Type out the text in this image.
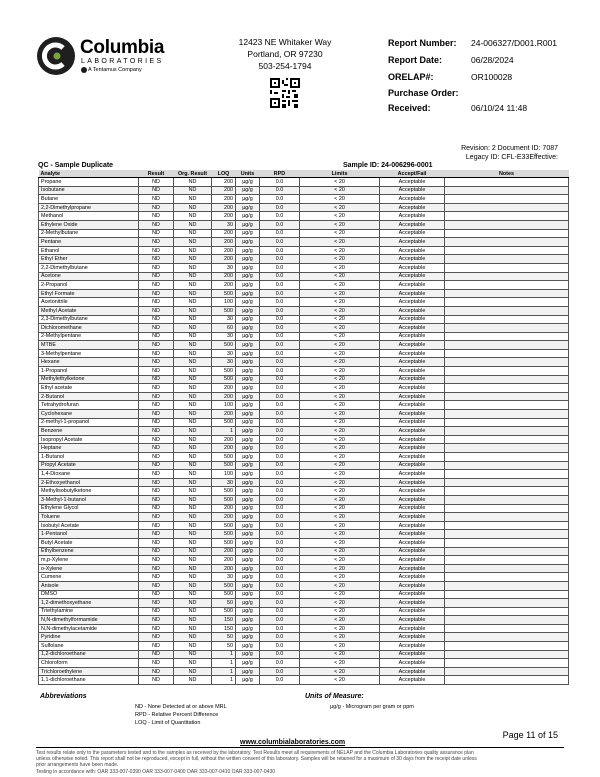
Columbia
LABORATORIES
A Tentamus Company
12423 NE Whitaker Way
Portland, OR 97230
503-254-1794
Report Number: 24-006327/D001.R001
Report Date:	06/28/2024
ORELAP#:	OR100028
Purchase Order:
Received:	06/10/24 11:48
Revision: 2 Document ID: 7087
Legacy ID: CFL-E33Effective:
QC - Sample Duplicate	Sample ID: 24-006296-0001
Analyte	Result	Org. Result	LOQ	Units	RPD	Limits	Accept/Fail	Notes
Propane	ND	ND	200	µg/g	0.0	< 20	Acceptable	
Isobutane	ND	ND	200	µg/g	0.0	< 20	Acceptable	
Butane	ND	ND	200	µg/g	0.0	< 20	Acceptable	
2,2-Dimethylpropane	ND	ND	200	µg/g	0.0	< 20	Acceptable	
Methanol	ND	ND	200	µg/g	0.0	< 20	Acceptable	
Ethylene Oxide	ND	ND	30	µg/g	0.0	< 20	Acceptable	
2-Methylbutane	ND	ND	200	µg/g	0.0	< 20	Acceptable	
Pentane	ND	ND	200	µg/g	0.0	< 20	Acceptable	
Ethanol	ND	ND	200	µg/g	0.0	< 20	Acceptable	
Ethyl Ether	ND	ND	200	µg/g	0.0	< 20	Acceptable	
2,2-Dimethylbutane	ND	ND	30	µg/g	0.0	< 20	Acceptable	
Acetone	ND	ND	200	µg/g	0.0	< 20	Acceptable	
2-Propanol	ND	ND	200	µg/g	0.0	< 20	Acceptable	
Ethyl Formate	ND	ND	500	µg/g	0.0	< 20	Acceptable	
Acetonitrile	ND	ND	100	µg/g	0.0	< 20	Acceptable	
Methyl Acetate	ND	ND	500	µg/g	0.0	< 20	Acceptable	
2,3-Dimethylbutane	ND	ND	30	µg/g	0.0	< 20	Acceptable	
Dichloromethane	ND	ND	60	µg/g	0.0	< 20	Acceptable	
2-Methylpentane	ND	ND	30	µg/g	0.0	< 20	Acceptable	
MTBE	ND	ND	500	µg/g	0.0	< 20	Acceptable	
3-Methylpentane	ND	ND	30	µg/g	0.0	< 20	Acceptable	
Hexane	ND	ND	30	µg/g	0.0	< 20	Acceptable	
1-Propanol	ND	ND	500	µg/g	0.0	< 20	Acceptable	
Methylethylketone	ND	ND	500	µg/g	0.0	< 20	Acceptable	
Ethyl acetate	ND	ND	200	µg/g	0.0	< 20	Acceptable	
2-Butanol	ND	ND	200	µg/g	0.0	< 20	Acceptable	
Tetrahydrofuran	ND	ND	100	µg/g	0.0	< 20	Acceptable	
Cyclohexane	ND	ND	200	µg/g	0.0	< 20	Acceptable	
2-methyl-1-propanol	ND	ND	500	µg/g	0.0	< 20	Acceptable	
Benzene	ND	ND	1	µg/g	0.0	< 20	Acceptable	
Isopropyl Acetate	ND	ND	200	µg/g	0.0	< 20	Acceptable	
Heptane	ND	ND	200	µg/g	0.0	< 20	Acceptable	
1-Butanol	ND	ND	500	µg/g	0.0	< 20	Acceptable	
Propyl Acetate	ND	ND	500	µg/g	0.0	< 20	Acceptable	
1,4-Dioxane	ND	ND	100	µg/g	0.0	< 20	Acceptable	
2-Ethoxyethanol	ND	ND	30	µg/g	0.0	< 20	Acceptable	
Methylisobutylketone	ND	ND	500	µg/g	0.0	< 20	Acceptable	
3-Methyl-1-butanol	ND	ND	500	µg/g	0.0	< 20	Acceptable	
Ethylene Glycol	ND	ND	200	µg/g	0.0	< 20	Acceptable	
Toluene	ND	ND	200	µg/g	0.0	< 20	Acceptable	
Isobutyl Acetate	ND	ND	500	µg/g	0.0	< 20	Acceptable	
1-Pentanol	ND	ND	500	µg/g	0.0	< 20	Acceptable	
Butyl Acetate	ND	ND	500	µg/g	0.0	< 20	Acceptable	
Ethylbenzene	ND	ND	200	µg/g	0.0	< 20	Acceptable	
m,p-Xylene	ND	ND	200	µg/g	0.0	< 20	Acceptable	
o-Xylene	ND	ND	200	µg/g	0.0	< 20	Acceptable	
Cumene	ND	ND	30	µg/g	0.0	< 20	Acceptable	
Anisole	ND	ND	500	µg/g	0.0	< 20	Acceptable	
DMSO	ND	ND	500	µg/g	0.0	< 20	Acceptable	
1,2-dimethoxyethane	ND	ND	50	µg/g	0.0	< 20	Acceptable	
Triethylamine	ND	ND	500	µg/g	0.0	< 20	Acceptable	
N,N-dimethylformamide	ND	ND	150	µg/g	0.0	< 20	Acceptable	
N,N-dimethylacetamide	ND	ND	150	µg/g	0.0	< 20	Acceptable	
Pyridine	ND	ND	50	µg/g	0.0	< 20	Acceptable	
Sulfolane	ND	ND	50	µg/g	0.0	< 20	Acceptable	
1,2-dichloroethane	ND	ND	1	µg/g	0.0	< 20	Acceptable	
Chloroform	ND	ND	1	µg/g	0.0	< 20	Acceptable	
Trichloroethylene	ND	ND	1	µg/g	0.0	< 20	Acceptable	
1,1-dichloroethane	ND	ND	1	µg/g	0.0	< 20	Acceptable	
Abbreviations
ND - None Detected at or above MRL
RPD - Relative Percent Difference
LOQ - Limit of Quantitation
Units of Measure:
µg/g - Microgram per gram or ppm
Page 11 of 15
www.columbialaboratories.com
Test results relate only to the parameters tested and to the samples as received by the laboratory. Test Results meet all requirements of NELAP and the Columbia Laboratories quality assurance plan
unless otherwise noted. This report shall not be reproduced, except in full, without the written consent of this laboratory. Samples will be retained for a maximum of 30 days from the receipt date unless
prior arrangements have been made.
Testing in accordance with: OAR 333-007-0390 OAR 333-007-0400 OAR 333-007-0410 OAR 333-007-0430
